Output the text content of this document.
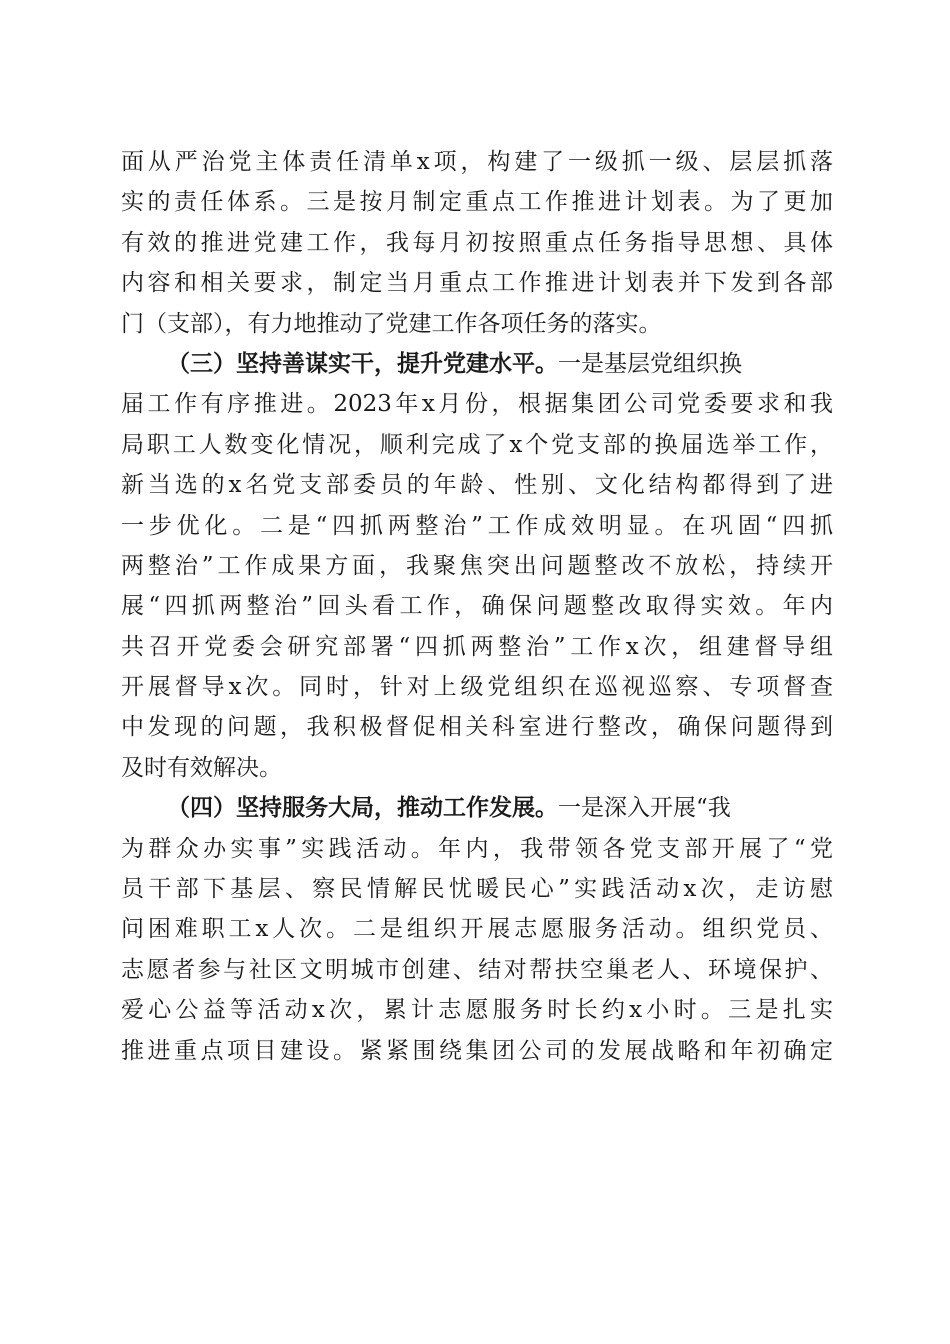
面从严治党主体责任清单x项，构建了一级抓一级、层层抓落
实的责任体系。三是按月制定重点工作推进计划表。为了更加
有效的推进党建工作，我每月初按照重点任务指导思想、具体
内容和相关要求，制定当月重点工作推进计划表并下发到各部
门（支部），有力地推动了党建工作各项任务的落实。
（三）坚持善谋实干，提升党建水平。一是基层党组织换
届工作有序推进。2023年x月份，根据集团公司党委要求和我
局职工人数变化情况，顺利完成了x个党支部的换届选举工作，
新当选的x名党支部委员的年龄、性别、文化结构都得到了进
一步优化。二是“四抓两整治”工作成效明显。在巩固“四抓
两整治”工作成果方面，我聚焦突出问题整改不放松，持续开
展“四抓两整治”回头看工作，确保问题整改取得实效。年内
共召开党委会研究部署“四抓两整治”工作x次，组建督导组
开展督导x次。同时，针对上级党组织在巡视巡察、专项督查
中发现的问题，我积极督促相关科室进行整改，确保问题得到
及时有效解决。
（四）坚持服务大局，推动工作发展。一是深入开展“我
为群众办实事”实践活动。年内，我带领各党支部开展了“党
员干部下基层、察民情解民忧暖民心”实践活动x次，走访慰
问困难职工x人次。二是组织开展志愿服务活动。组织党员、
志愿者参与社区文明城市创建、结对帮扶空巢老人、环境保护、
爱心公益等活动x次，累计志愿服务时长约x小时。三是扎实
推进重点项目建设。紧紧围绕集团公司的发展战略和年初确定
